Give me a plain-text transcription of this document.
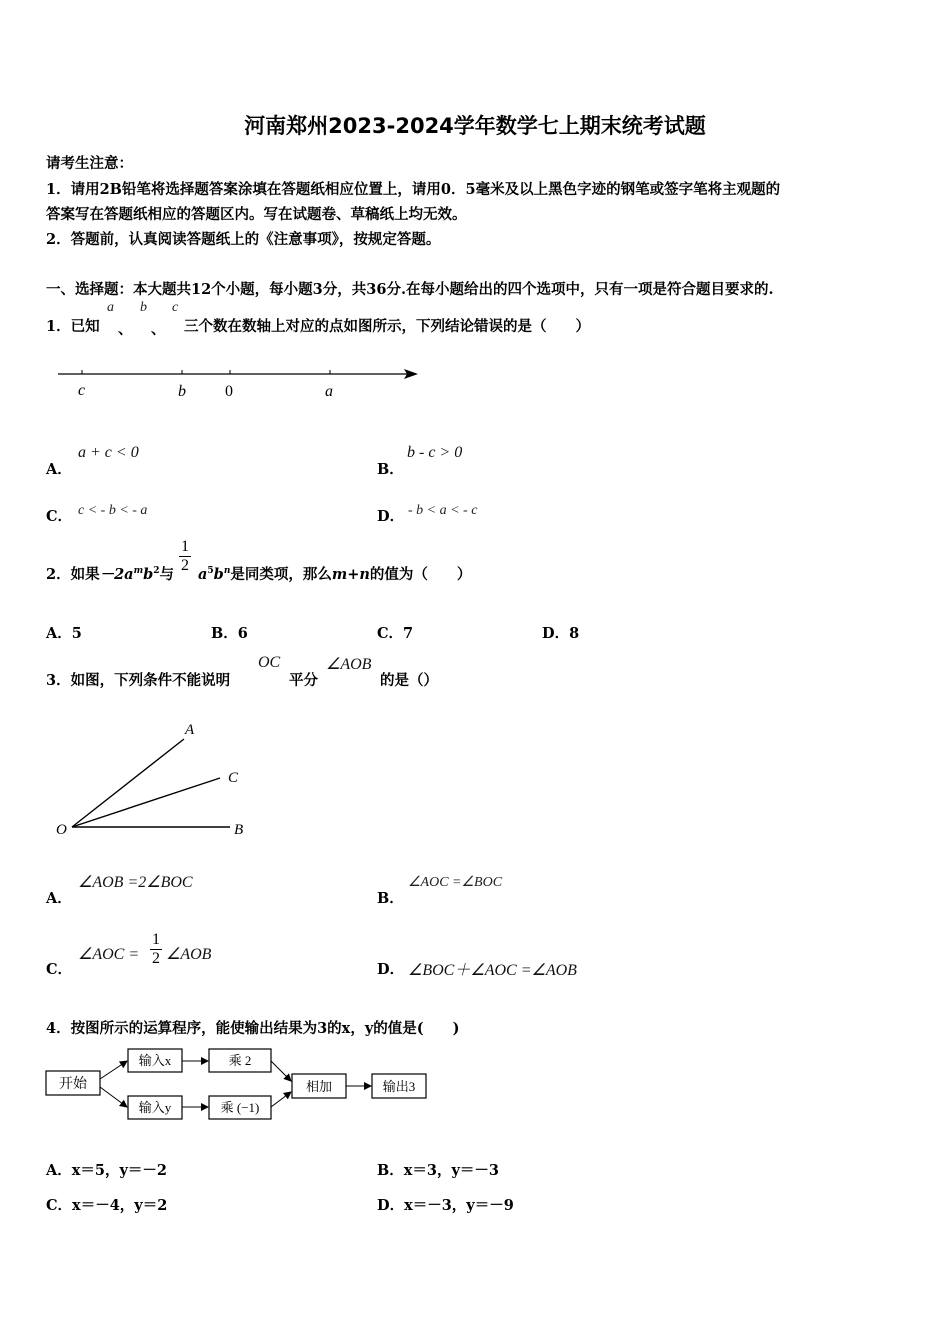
河南郑州2023-2024学年数学七上期末统考试题
请考生注意：
1．请用2B铅笔将选择题答案涂填在答题纸相应位置上，请用0．5毫米及以上黑色字迹的钢笔或签字笔将主观题的
答案写在答题纸相应的答题区内。写在试题卷、草稿纸上均无效。
2．答题前，认真阅读答题纸上的《注意事项》，按规定答题。
一、选择题：本大题共12个小题，每小题3分，共36分.在每小题给出的四个选项中，只有一项是符合题目要求的.
1．已知
a
、
b
、
c
三个数在数轴上对应的点如图所示，下列结论错误的是（　　）
c	b 0	a
A．
a + c < 0
B．
b - c > 0
C． c < - b < - a	D． - b < a < - c
2．如果$-2a^mb^2$与 $\frac{1}{2} a^5b^n$是同类项，那么m+n的值为（　　）
A．5	B．6	C．7	D．8
3．如图，下列条件不能说明
OC
平分
∠AOB
的是（）
A
C
O	B
A．
∠AOB =2∠BOC
B．
∠AOC =∠BOC
C．
∠AOC = $\frac{1}{2}$ ∠AOB
D． ∠BOC＋∠AOC =∠AOB
4．按图所示的运算程序，能使输出结果为3的x，y的值是(　　)
开始
输入x	乘 2
输入y	乘 (−1)
相加	输出3
A．x＝5，y＝－2	B．x＝3，y＝－3
C．x＝－4，y＝2	D．x＝－3，y＝－9
